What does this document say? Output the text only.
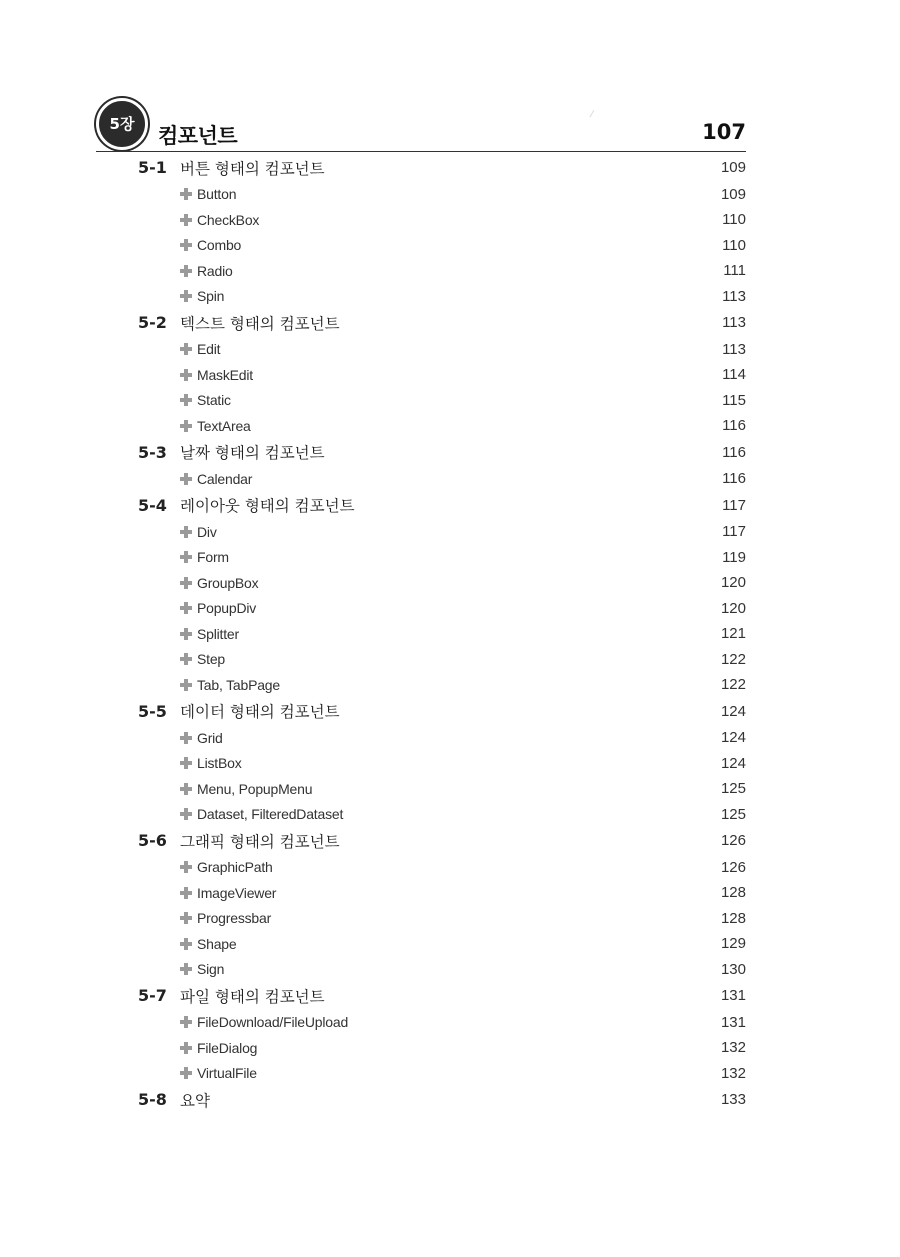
5장	컴포넌트	107
5-1 버튼 형태의 컴포넌트	109
Button	109
CheckBox	110
Combo	110
Radio	111
Spin	113
5-2 텍스트 형태의 컴포넌트	113
Edit	113
MaskEdit	114
Static	115
TextArea	116
5-3 날짜 형태의 컴포넌트	116
Calendar	116
5-4 레이아웃 형태의 컴포넌트	117
Div	117
Form	119
GroupBox	120
PopupDiv	120
Splitter	121
Step	122
Tab, TabPage	122
5-5 데이터 형태의 컴포넌트	124
Grid	124
ListBox	124
Menu, PopupMenu	125
Dataset, FilteredDataset	125
5-6 그래픽 형태의 컴포넌트	126
GraphicPath	126
ImageViewer	128
Progressbar	128
Shape	129
Sign	130
5-7 파일 형태의 컴포넌트	131
FileDownload/FileUpload	131
FileDialog	132
VirtualFile	132
5-8 요약	133
